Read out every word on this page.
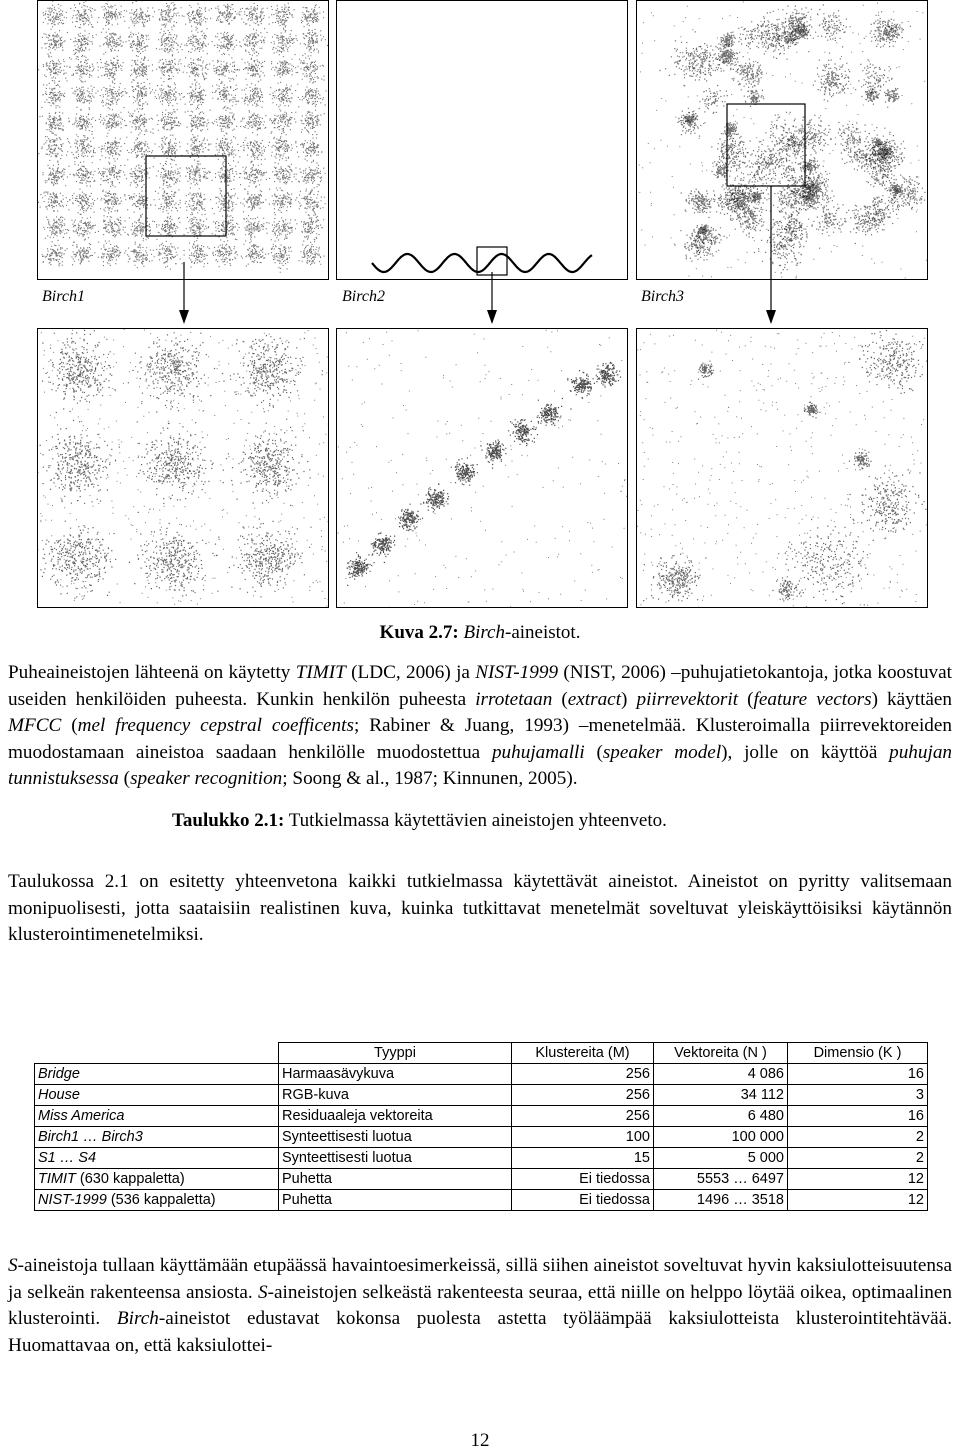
Birch1	Birch2	Birch3
Kuva 2.7: Birch-aineistot.
Puheaineistojen lähteenä on käytetty TIMIT (LDC, 2006) ja NIST-1999 (NIST, 2006) –puhujatietokantoja, jotka koostuvat useiden henkilöiden puheesta. Kunkin henkilön puheesta irrotetaan (extract) piirrevektorit (feature vectors) käyttäen MFCC (mel frequency cepstral coefficents; Rabiner & Juang, 1993) –menetelmää. Klusteroimalla piirrevektoreiden muodostamaan aineistoa saadaan henkilölle muodostettua puhujamalli (speaker model), jolle on käyttöä puhujan tunnistuksessa (speaker recognition; Soong & al., 1987; Kinnunen, 2005).
Taulukossa 2.1 on esitetty yhteenvetona kaikki tutkielmassa käytettävät aineistot. Aineistot on pyritty valitsemaan monipuolisesti, jotta saataisiin realistinen kuva, kuinka tutkittavat menetelmät soveltuvat yleiskäyttöisiksi käytännön klusterointimenetelmiksi.
Taulukko 2.1: Tutkielmassa käytettävien aineistojen yhteenveto.
	Tyyppi	Klustereita (M)	Vektoreita (N )	Dimensio (K )
Bridge	Harmaasävykuva	256	4 086	16
House	RGB-kuva	256	34 112	3
Miss America	Residuaaleja vektoreita	256	6 480	16
Birch1 … Birch3	Synteettisesti luotua	100	100 000	2
S1 … S4	Synteettisesti luotua	15	5 000	2
TIMIT (630 kappaletta)	Puhetta	Ei tiedossa	5553 … 6497	12
NIST-1999 (536 kappaletta)	Puhetta	Ei tiedossa	1496 … 3518	12
S-aineistoja tullaan käyttämään etupäässä havaintoesimerkeissä, sillä siihen aineistot soveltuvat hyvin kaksiulotteisuutensa ja selkeän rakenteensa ansiosta. S-aineistojen selkeästä rakenteesta seuraa, että niille on helppo löytää oikea, optimaalinen klusterointi. Birch-aineistot edustavat kokonsa puolesta astetta työläämpää kaksiulotteista klusterointitehtävää. Huomattavaa on, että kaksiulottei-
12
